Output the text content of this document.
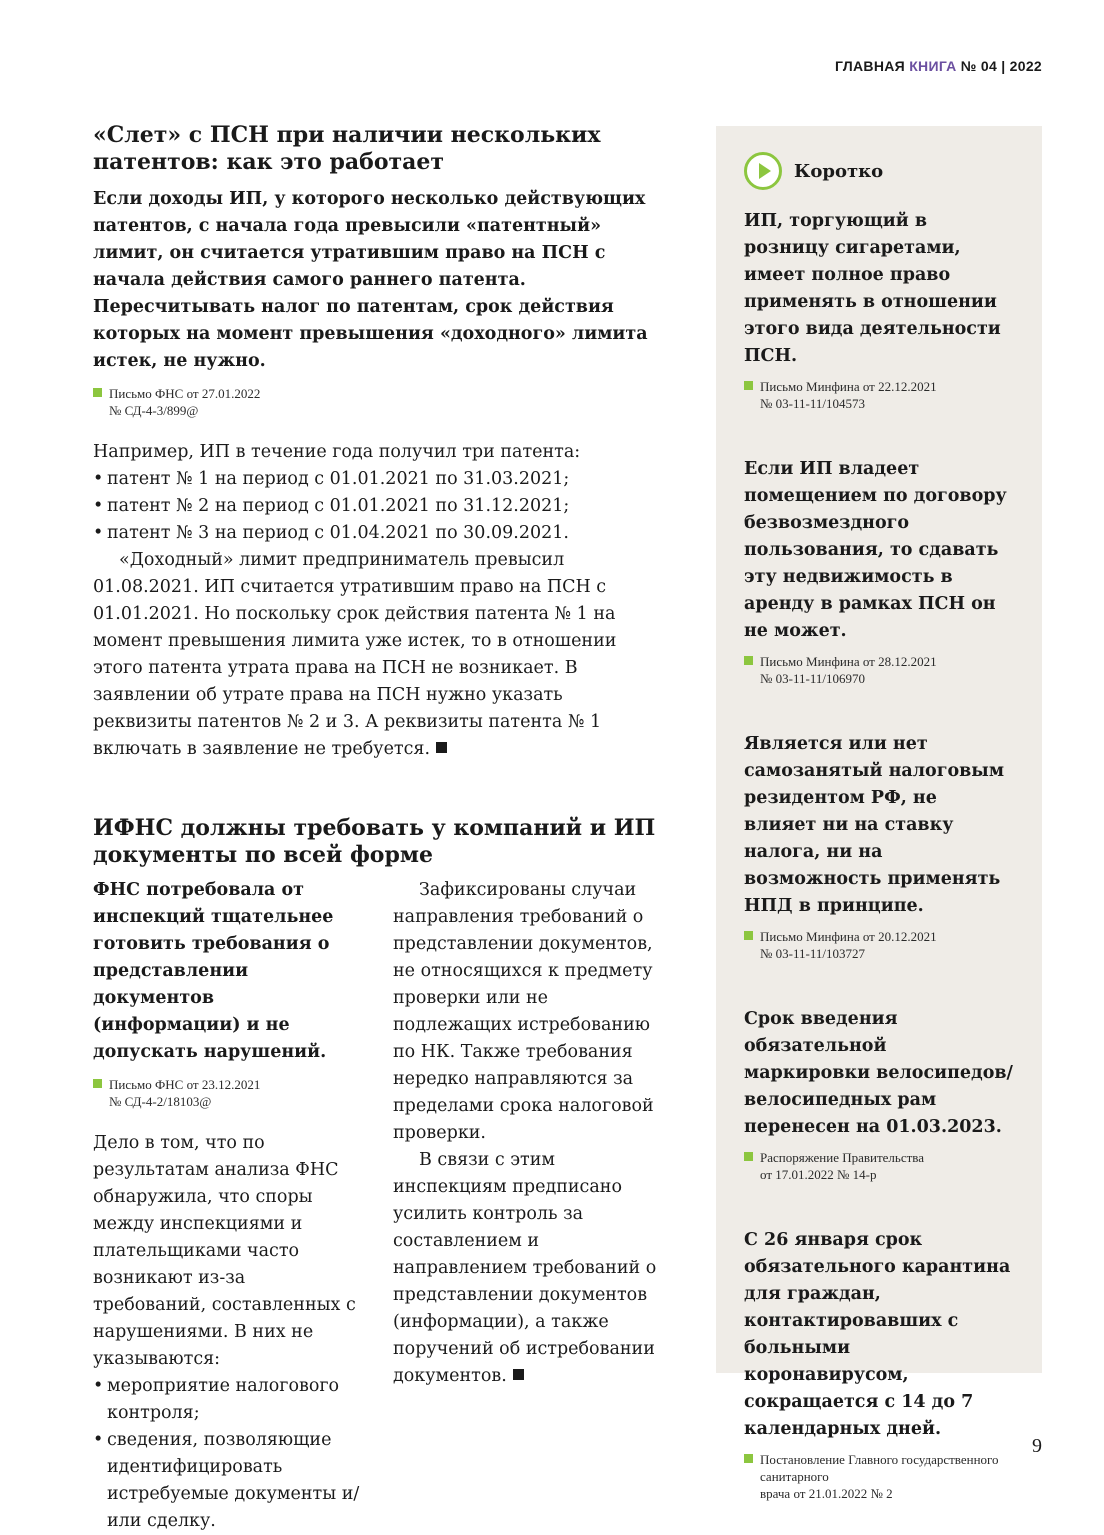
ГЛАВНАЯ КНИГА № 04 | 2022
«Слет» с ПСН при наличии нескольких патентов: как это работает

Если доходы ИП, у которого несколько действующих патентов, с начала года превысили «патентный» лимит, он считается утратившим право на ПСН с начала действия самого раннего патента. Пересчитывать налог по патентам, срок действия которых на момент превышения «доходного» лимита истек, не нужно.

Письмо ФНС от 27.01.2022
№ СД-4-3/899@

Например, ИП в течение года получил три патента:

• патент № 1 на период с 01.01.2021 по 31.03.2021;
• патент № 2 на период с 01.01.2021 по 31.12.2021;
• патент № 3 на период с 01.04.2021 по 30.09.2021.

«Доходный» лимит предприниматель превысил 01.08.2021. ИП считается утратившим право на ПСН с 01.01.2021. Но поскольку срок действия патента № 1 на момент превышения лимита уже истек, то в отношении этого патента утрата права на ПСН не возникает. В заявлении об утрате права на ПСН нужно указать реквизиты патентов № 2 и 3. А реквизиты патента № 1 включать в заявление не требуется.

ИФНС должны требовать у компаний и ИП документы по всей форме

ФНС потребовала от инспекций тщательнее готовить требования о представлении документов (информации) и не допускать нарушений.

Письмо ФНС от 23.12.2021
№ СД-4-2/18103@

Дело в том, что по результатам анализа ФНС обнаружила, что споры между инспекциями и плательщиками часто возникают из-за требований, составленных с нарушениями. В них не указываются:

• мероприятие налогового контроля;
• сведения, позволяющие идентифицировать истребуемые документы и/или сделку.

Зафиксированы случаи направления требований о представлении документов, не относящихся к предмету проверки или не подлежащих истребованию по НК. Также требования нередко направляются за пределами срока налоговой проверки.

В связи с этим инспекциям предписано усилить контроль за составлением и направлением требований о представлении документов (информации), а также поручений об истребовании документов.

Коротко

ИП, торгующий в розницу сигаретами, имеет полное право применять в отношении этого вида деятельности ПСН.

Письмо Минфина от 22.12.2021
№ 03-11-11/104573

Если ИП владеет помещением по договору безвозмездного пользования, то сдавать эту недвижимость в аренду в рамках ПСН он не может.

Письмо Минфина от 28.12.2021
№ 03-11-11/106970

Является или нет самозанятый налоговым резидентом РФ, не влияет ни на ставку налога, ни на возможность применять НПД в принципе.

Письмо Минфина от 20.12.2021
№ 03-11-11/103727

Срок введения обязательной маркировки велосипедов/велосипедных рам перенесен на 01.03.2023.

Распоряжение Правительства
от 17.01.2022 № 14-р

С 26 января срок обязательного карантина для граждан, контактировавших с больными коронавирусом, сокращается с 14 до 7 календарных дней.

Постановление Главного государственного санитарного
врача от 21.01.2022 № 2
9
